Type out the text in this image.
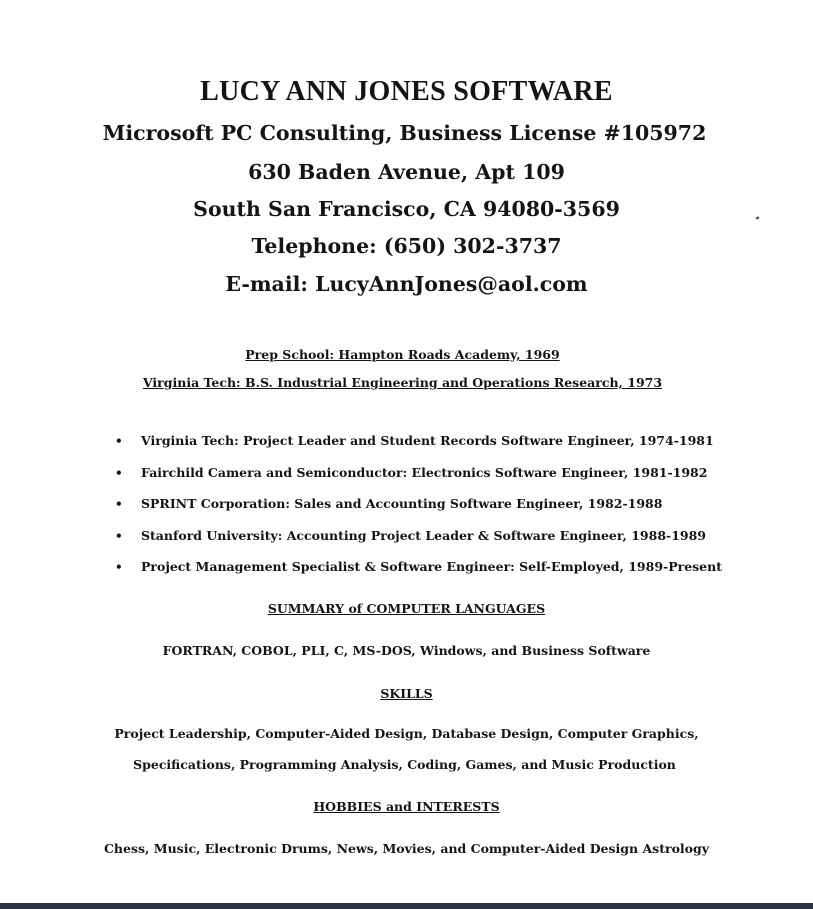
LUCY ANN JONES SOFTWARE
Microsoft PC Consulting, Business License #105972
630 Baden Avenue, Apt 109
South San Francisco, CA 94080-3569
Telephone: (650) 302-3737
E-mail: LucyAnnJones@aol.com
Prep School: Hampton Roads Academy, 1969
Virginia Tech: B.S. Industrial Engineering and Operations Research, 1973
• Virginia Tech: Project Leader and Student Records Software Engineer, 1974-1981
• Fairchild Camera and Semiconductor: Electronics Software Engineer, 1981-1982
• SPRINT Corporation: Sales and Accounting Software Engineer, 1982-1988
• Stanford University: Accounting Project Leader & Software Engineer, 1988-1989
• Project Management Specialist & Software Engineer: Self-Employed, 1989-Present
SUMMARY of COMPUTER LANGUAGES
FORTRAN, COBOL, PLI, C, MS-DOS, Windows, and Business Software
SKILLS
Project Leadership, Computer-Aided Design, Database Design, Computer Graphics,
Specifications, Programming Analysis, Coding, Games, and Music Production
HOBBIES and INTERESTS
Chess, Music, Electronic Drums, News, Movies, and Computer-Aided Design Astrology
